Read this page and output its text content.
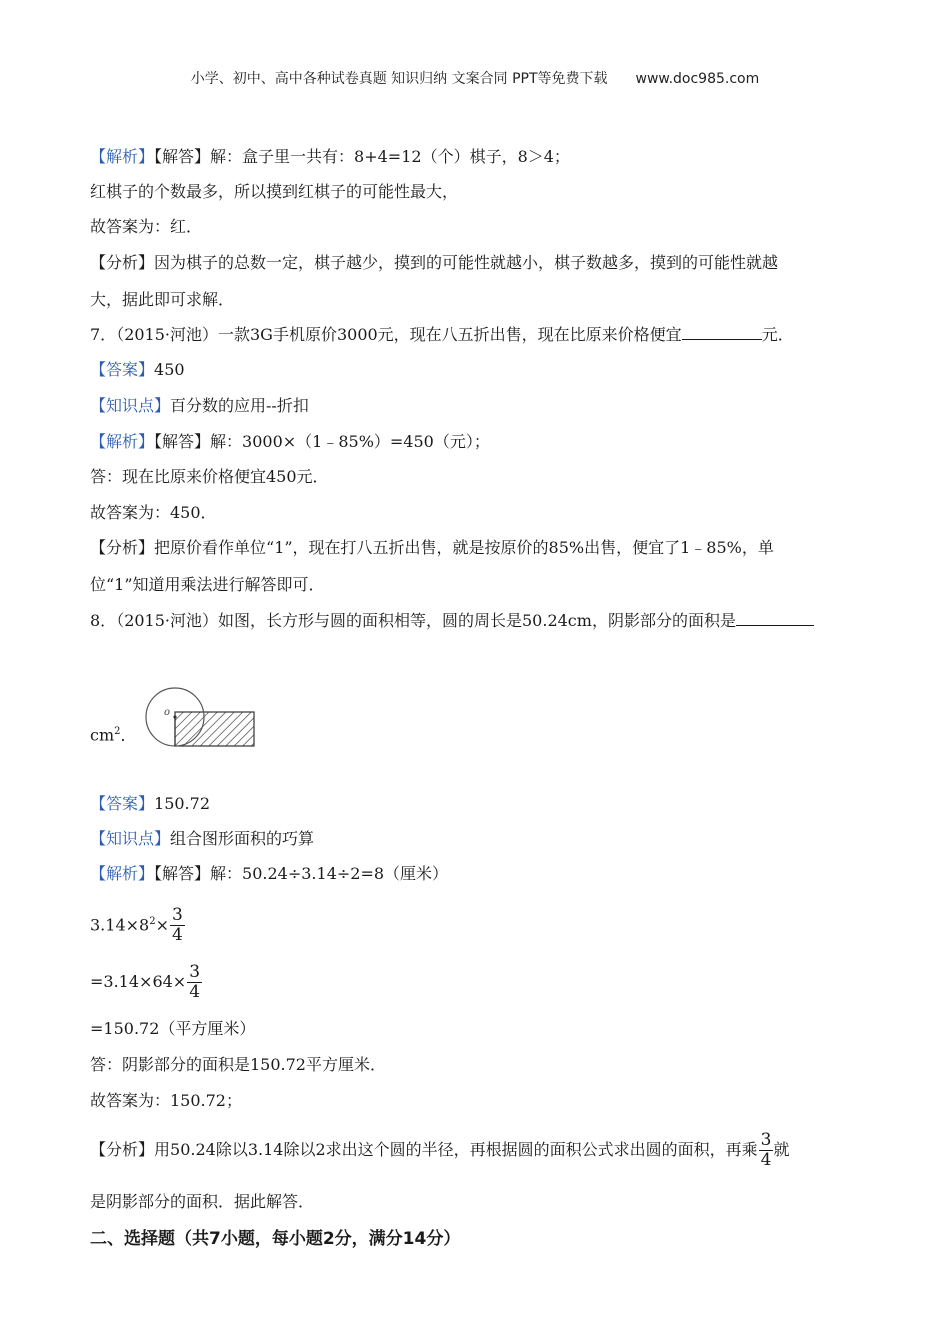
小学、初中、高中各种试卷真题 知识归纳 文案合同 PPT等免费下载 www.doc985.com
【解析】【解答】解：盒子里一共有：8+4=12（个）棋子，8＞4；
红棋子的个数最多，所以摸到红棋子的可能性最大，
故答案为：红．
【分析】因为棋子的总数一定，棋子越少，摸到的可能性就越小，棋子数越多，摸到的可能性就越
大，据此即可求解．
7．（2015·河池）一款3G手机原价3000元，现在八五折出售，现在比原来价格便宜	元．
【答案】450
【知识点】百分数的应用--折扣
【解析】【解答】解：3000×（1﹣85%）=450（元）；
答：现在比原来价格便宜450元．
故答案为：450．
【分析】把原价看作单位“1”，现在打八五折出售，就是按原价的85%出售，便宜了1﹣85%，单
位“1”知道用乘法进行解答即可．
8．（2015·河池）如图，长方形与圆的面积相等，圆的周长是50.24cm，阴影部分的面积是
$cm^2$．
o
【答案】150.72
【知识点】组合图形面积的巧算
【解析】【解答】解：50.24÷3.14÷2=8（厘米）
$3.14\times 8^2\times \frac{3}{4}$
$=3.14\times 64\times \frac{3}{4}$
=150.72（平方厘米）
答：阴影部分的面积是150.72平方厘米．
故答案为：150.72；
【分析】用50.24除以3.14除以2求出这个圆的半径，再根据圆的面积公式求出圆的面积，再乘 $\frac{3}{4}$ 就
是阴影部分的面积．据此解答．
二、选择题（共7小题，每小题2分，满分14分）
